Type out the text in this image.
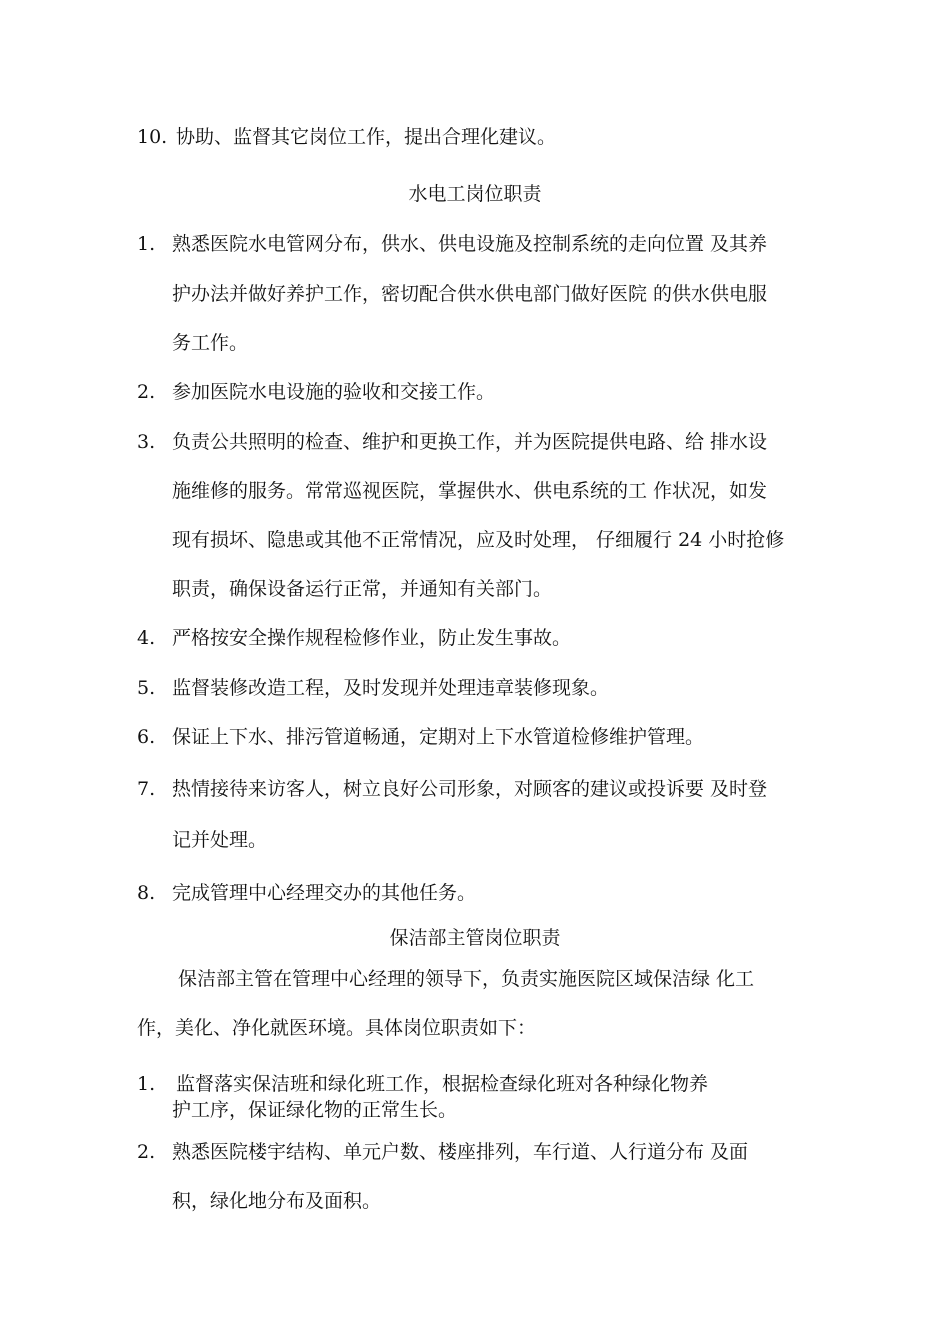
10. 协助、监督其它岗位工作，提出合理化建议。
水电工岗位职责
1. 熟悉医院水电管网分布，供水、供电设施及控制系统的走向位置 及其养
护办法并做好养护工作，密切配合供水供电部门做好医院 的供水供电服
务工作。
2. 参加医院水电设施的验收和交接工作。
3. 负责公共照明的检查、维护和更换工作，并为医院提供电路、给 排水设
施维修的服务。常常巡视医院，掌握供水、供电系统的工 作状况，如发
现有损坏、隐患或其他不正常情况，应及时处理， 仔细履行 24 小时抢修
职责，确保设备运行正常，并通知有关部门。
4. 严格按安全操作规程检修作业，防止发生事故。
5. 监督装修改造工程，及时发现并处理违章装修现象。
6. 保证上下水、排污管道畅通，定期对上下水管道检修维护管理。
7. 热情接待来访客人，树立良好公司形象，对顾客的建议或投诉要 及时登
记并处理。
8. 完成管理中心经理交办的其他任务。
保洁部主管岗位职责
保洁部主管在管理中心经理的领导下，负责实施医院区域保洁绿 化工
作，美化、净化就医环境。具体岗位职责如下：
1. 监督落实保洁班和绿化班工作，根据检查绿化班对各种绿化物养
护工序，保证绿化物的正常生长。
2. 熟悉医院楼宇结构、单元户数、楼座排列，车行道、人行道分布 及面
积，绿化地分布及面积。
